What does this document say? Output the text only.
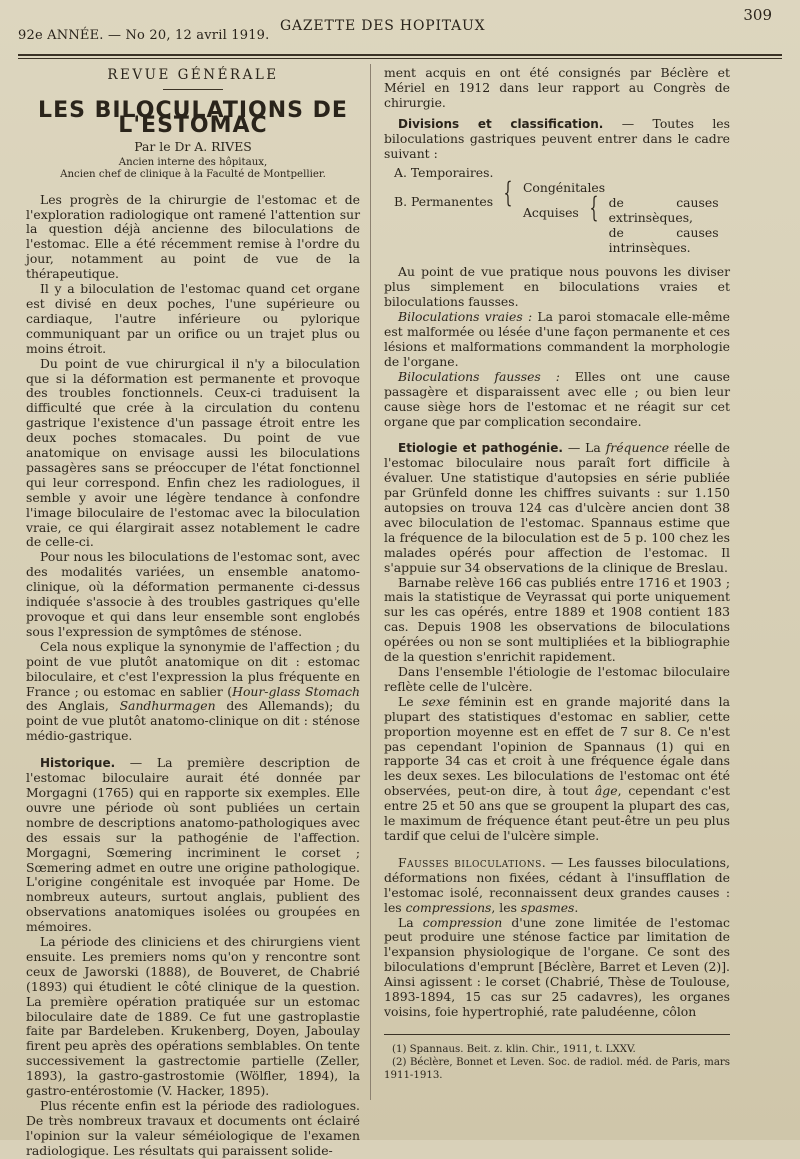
92e ANNÉE. — No 20, 12 avril 1919.
GAZETTE DES HOPITAUX
309
REVUE GÉNÉRALE
LES BILOCULATIONS DE L'ESTOMAC
Par le Dr A. RIVES
Ancien interne des hôpitaux,
Ancien chef de clinique à la Faculté de Montpellier.

Les progrès de la chirurgie de l'estomac et de l'exploration radiologique ont ramené l'attention sur la question déjà ancienne des biloculations de l'estomac. Elle a été récemment remise à l'ordre du jour, notamment au point de vue de la thérapeutique.

Il y a biloculation de l'estomac quand cet organe est divisé en deux poches, l'une supérieure ou cardiaque, l'autre inférieure ou pylorique communiquant par un orifice ou un trajet plus ou moins étroit.

Du point de vue chirurgical il n'y a biloculation que si la déformation est permanente et provoque des troubles fonctionnels. Ceux-ci traduisent la difficulté que crée à la circulation du contenu gastrique l'existence d'un passage étroit entre les deux poches stomacales. Du point de vue anatomique on envisage aussi les biloculations passagères sans se préoccuper de l'état fonctionnel qui leur correspond. Enfin chez les radiologues, il semble y avoir une légère tendance à confondre l'image biloculaire de l'estomac avec la biloculation vraie, ce qui élargirait assez notablement le cadre de celle-ci.

Pour nous les biloculations de l'estomac sont, avec des modalités variées, un ensemble anatomo-clinique, où la déformation permanente ci-dessus indiquée s'associe à des troubles gastriques qu'elle provoque et qui dans leur ensemble sont englobés sous l'expression de symptômes de sténose.

Cela nous explique la synonymie de l'affection ; du point de vue plutôt anatomique on dit : estomac biloculaire, et c'est l'expression la plus fréquente en France ; ou estomac en sablier (Hour-glass Stomach des Anglais, Sandhurmagen des Allemands); du point de vue plutôt anatomo-clinique on dit : sténose médio-gastrique.

Historique. — La première description de l'estomac biloculaire aurait été donnée par Morgagni (1765) qui en rapporte six exemples. Elle ouvre une période où sont publiées un certain nombre de descriptions anatomo-pathologiques avec des essais sur la pathogénie de l'affection. Morgagni, Sœmering incriminent le corset ; Sœmering admet en outre une origine pathologique. L'origine congénitale est invoquée par Home. De nombreux auteurs, surtout anglais, publient des observations anatomiques isolées ou groupées en mémoires.

La période des cliniciens et des chirurgiens vient ensuite. Les premiers noms qu'on y rencontre sont ceux de Jaworski (1888), de Bouveret, de Chabrié (1893) qui étudient le côté clinique de la question. La première opération pratiquée sur un estomac biloculaire date de 1889. Ce fut une gastroplastie faite par Bardeleben. Krukenberg, Doyen, Jaboulay firent peu après des opérations semblables. On tente successivement la gastrectomie partielle (Zeller, 1893), la gastro-gastrostomie (Wölfler, 1894), la gastro-entérostomie (V. Hacker, 1895).

Plus récente enfin est la période des radiologues. De très nombreux travaux et documents ont éclairé l'opinion sur la valeur séméiologique de l'examen radiologique. Les résultats qui paraissent solide-

ment acquis en ont été consignés par Béclère et Mériel en 1912 dans leur rapport au Congrès de chirurgie.

Divisions et classification. — Toutes les biloculations gastriques peuvent entrer dans le cadre suivant :

A. Temporaires.
B. Permanentes { Congénitales
Acquises { de causes extrinsèques,
de causes intrinsèques.

Au point de vue pratique nous pouvons les diviser plus simplement en biloculations vraies et biloculations fausses.

Biloculations vraies : La paroi stomacale elle-même est malformée ou lésée d'une façon permanente et ces lésions et malformations commandent la morphologie de l'organe.

Biloculations fausses : Elles ont une cause passagère et disparaissent avec elle ; ou bien leur cause siège hors de l'estomac et ne réagit sur cet organe que par complication secondaire.

Etiologie et pathogénie. — La fréquence réelle de l'estomac biloculaire nous paraît fort difficile à évaluer. Une statistique d'autopsies en série publiée par Grünfeld donne les chiffres suivants : sur 1.150 autopsies on trouva 124 cas d'ulcère ancien dont 38 avec biloculation de l'estomac. Spannaus estime que la fréquence de la biloculation est de 5 p. 100 chez les malades opérés pour affection de l'estomac. Il s'appuie sur 34 observations de la clinique de Breslau.

Barnabe relève 166 cas publiés entre 1716 et 1903 ; mais la statistique de Veyrassat qui porte uniquement sur les cas opérés, entre 1889 et 1908 contient 183 cas. Depuis 1908 les observations de biloculations opérées ou non se sont multipliées et la bibliographie de la question s'enrichit rapidement.

Dans l'ensemble l'étiologie de l'estomac biloculaire reflète celle de l'ulcère.

Le sexe féminin est en grande majorité dans la plupart des statistiques d'estomac en sablier, cette proportion moyenne est en effet de 7 sur 8. Ce n'est pas cependant l'opinion de Spannaus (1) qui en rapporte 34 cas et croit à une fréquence égale dans les deux sexes. Les biloculations de l'estomac ont été observées, peut-on dire, à tout âge, cependant c'est entre 25 et 50 ans que se groupent la plupart des cas, le maximum de fréquence étant peut-être un peu plus tardif que celui de l'ulcère simple.

Fausses biloculations. — Les fausses biloculations, déformations non fixées, cédant à l'insufflation de l'estomac isolé, reconnaissent deux grandes causes : les compressions, les spasmes.

La compression d'une zone limitée de l'estomac peut produire une sténose factice par limitation de l'expansion physiologique de l'organe. Ce sont des biloculations d'emprunt [Béclère, Barret et Leven (2)]. Ainsi agissent : le corset (Chabrié, Thèse de Toulouse, 1893-1894, 15 cas sur 25 cadavres), les organes voisins, foie hypertrophié, rate paludéenne, côlon

(1) Spannaus. Beit. z. klin. Chir., 1911, t. LXXV.
(2) Béclère, Bonnet et Leven. Soc. de radiol. méd. de Paris, mars 1911-1913.
